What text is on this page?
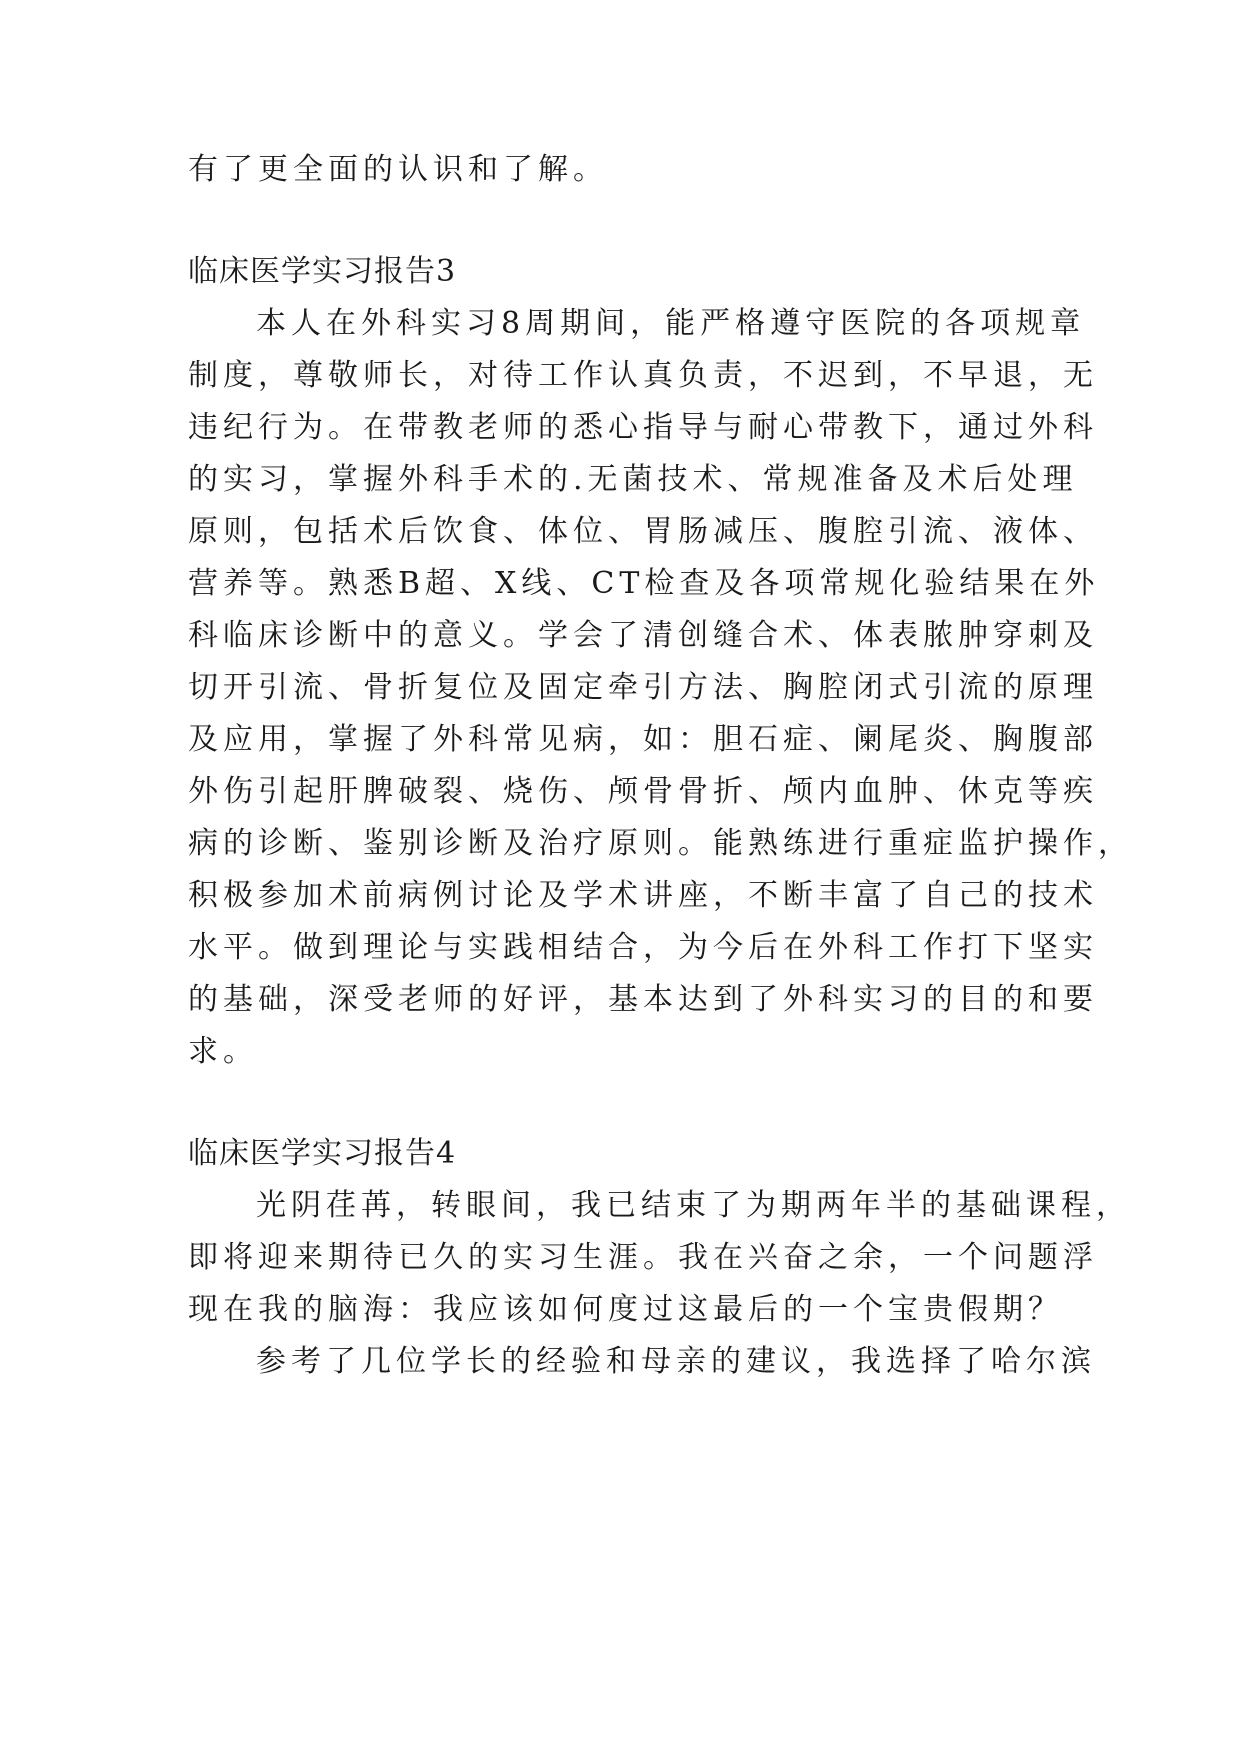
有了更全面的认识和了解。
临床医学实习报告3
本人在外科实习8周期间，能严格遵守医院的各项规章
制度，尊敬师长，对待工作认真负责，不迟到，不早退，无
违纪行为。在带教老师的悉心指导与耐心带教下，通过外科
的实习，掌握外科手术的.无菌技术、常规准备及术后处理
原则，包括术后饮食、体位、胃肠减压、腹腔引流、液体、
营养等。熟悉B超、X线、CT检查及各项常规化验结果在外
科临床诊断中的意义。学会了清创缝合术、体表脓肿穿刺及
切开引流、骨折复位及固定牵引方法、胸腔闭式引流的原理
及应用，掌握了外科常见病，如：胆石症、阑尾炎、胸腹部
外伤引起肝脾破裂、烧伤、颅骨骨折、颅内血肿、休克等疾
病的诊断、鉴别诊断及治疗原则。能熟练进行重症监护操作，
积极参加术前病例讨论及学术讲座，不断丰富了自己的技术
水平。做到理论与实践相结合，为今后在外科工作打下坚实
的基础，深受老师的好评，基本达到了外科实习的目的和要
求。
临床医学实习报告4
光阴荏苒，转眼间，我已结束了为期两年半的基础课程，
即将迎来期待已久的实习生涯。我在兴奋之余，一个问题浮
现在我的脑海：我应该如何度过这最后的一个宝贵假期？
参考了几位学长的经验和母亲的建议，我选择了哈尔滨
